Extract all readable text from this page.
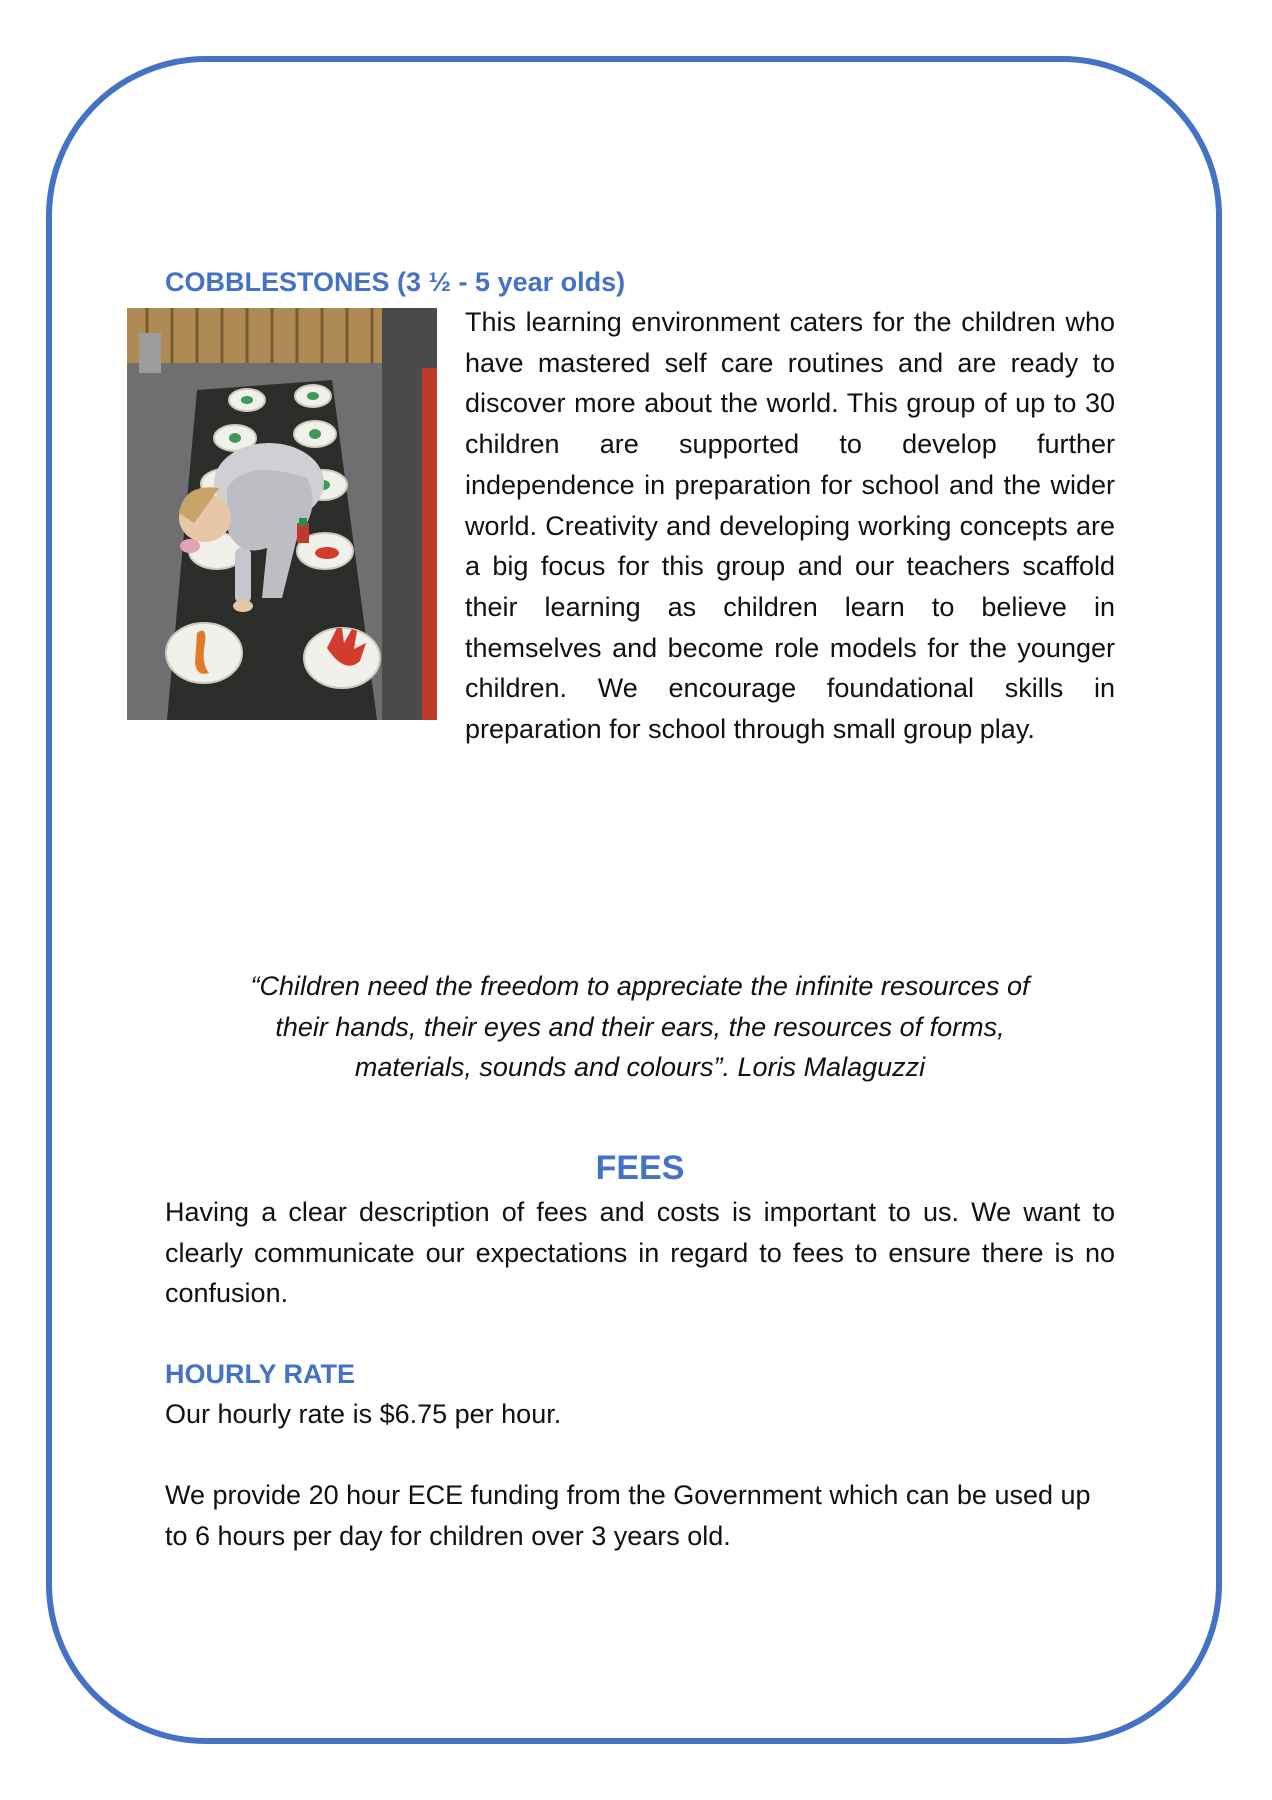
COBBLESTONES (3 ½ - 5 year olds)

This learning environment caters for the children who have mastered self care routines and are ready to discover more about the world. This group of up to 30 children are supported to develop further independence in preparation for school and the wider world. Creativity and developing working concepts are a big focus for this group and our teachers scaffold their learning as children learn to believe in themselves and become role models for the younger children. We encourage foundational skills in preparation for school through small group play.

“Children need the freedom to appreciate the infinite resources of
their hands, their eyes and their ears, the resources of forms,
materials, sounds and colours”. Loris Malaguzzi

FEES

Having a clear description of fees and costs is important to us. We want to clearly communicate our expectations in regard to fees to ensure there is no confusion.

HOURLY RATE

Our hourly rate is $6.75 per hour.

We provide 20 hour ECE funding from the Government which can be used up to 6 hours per day for children over 3 years old.
